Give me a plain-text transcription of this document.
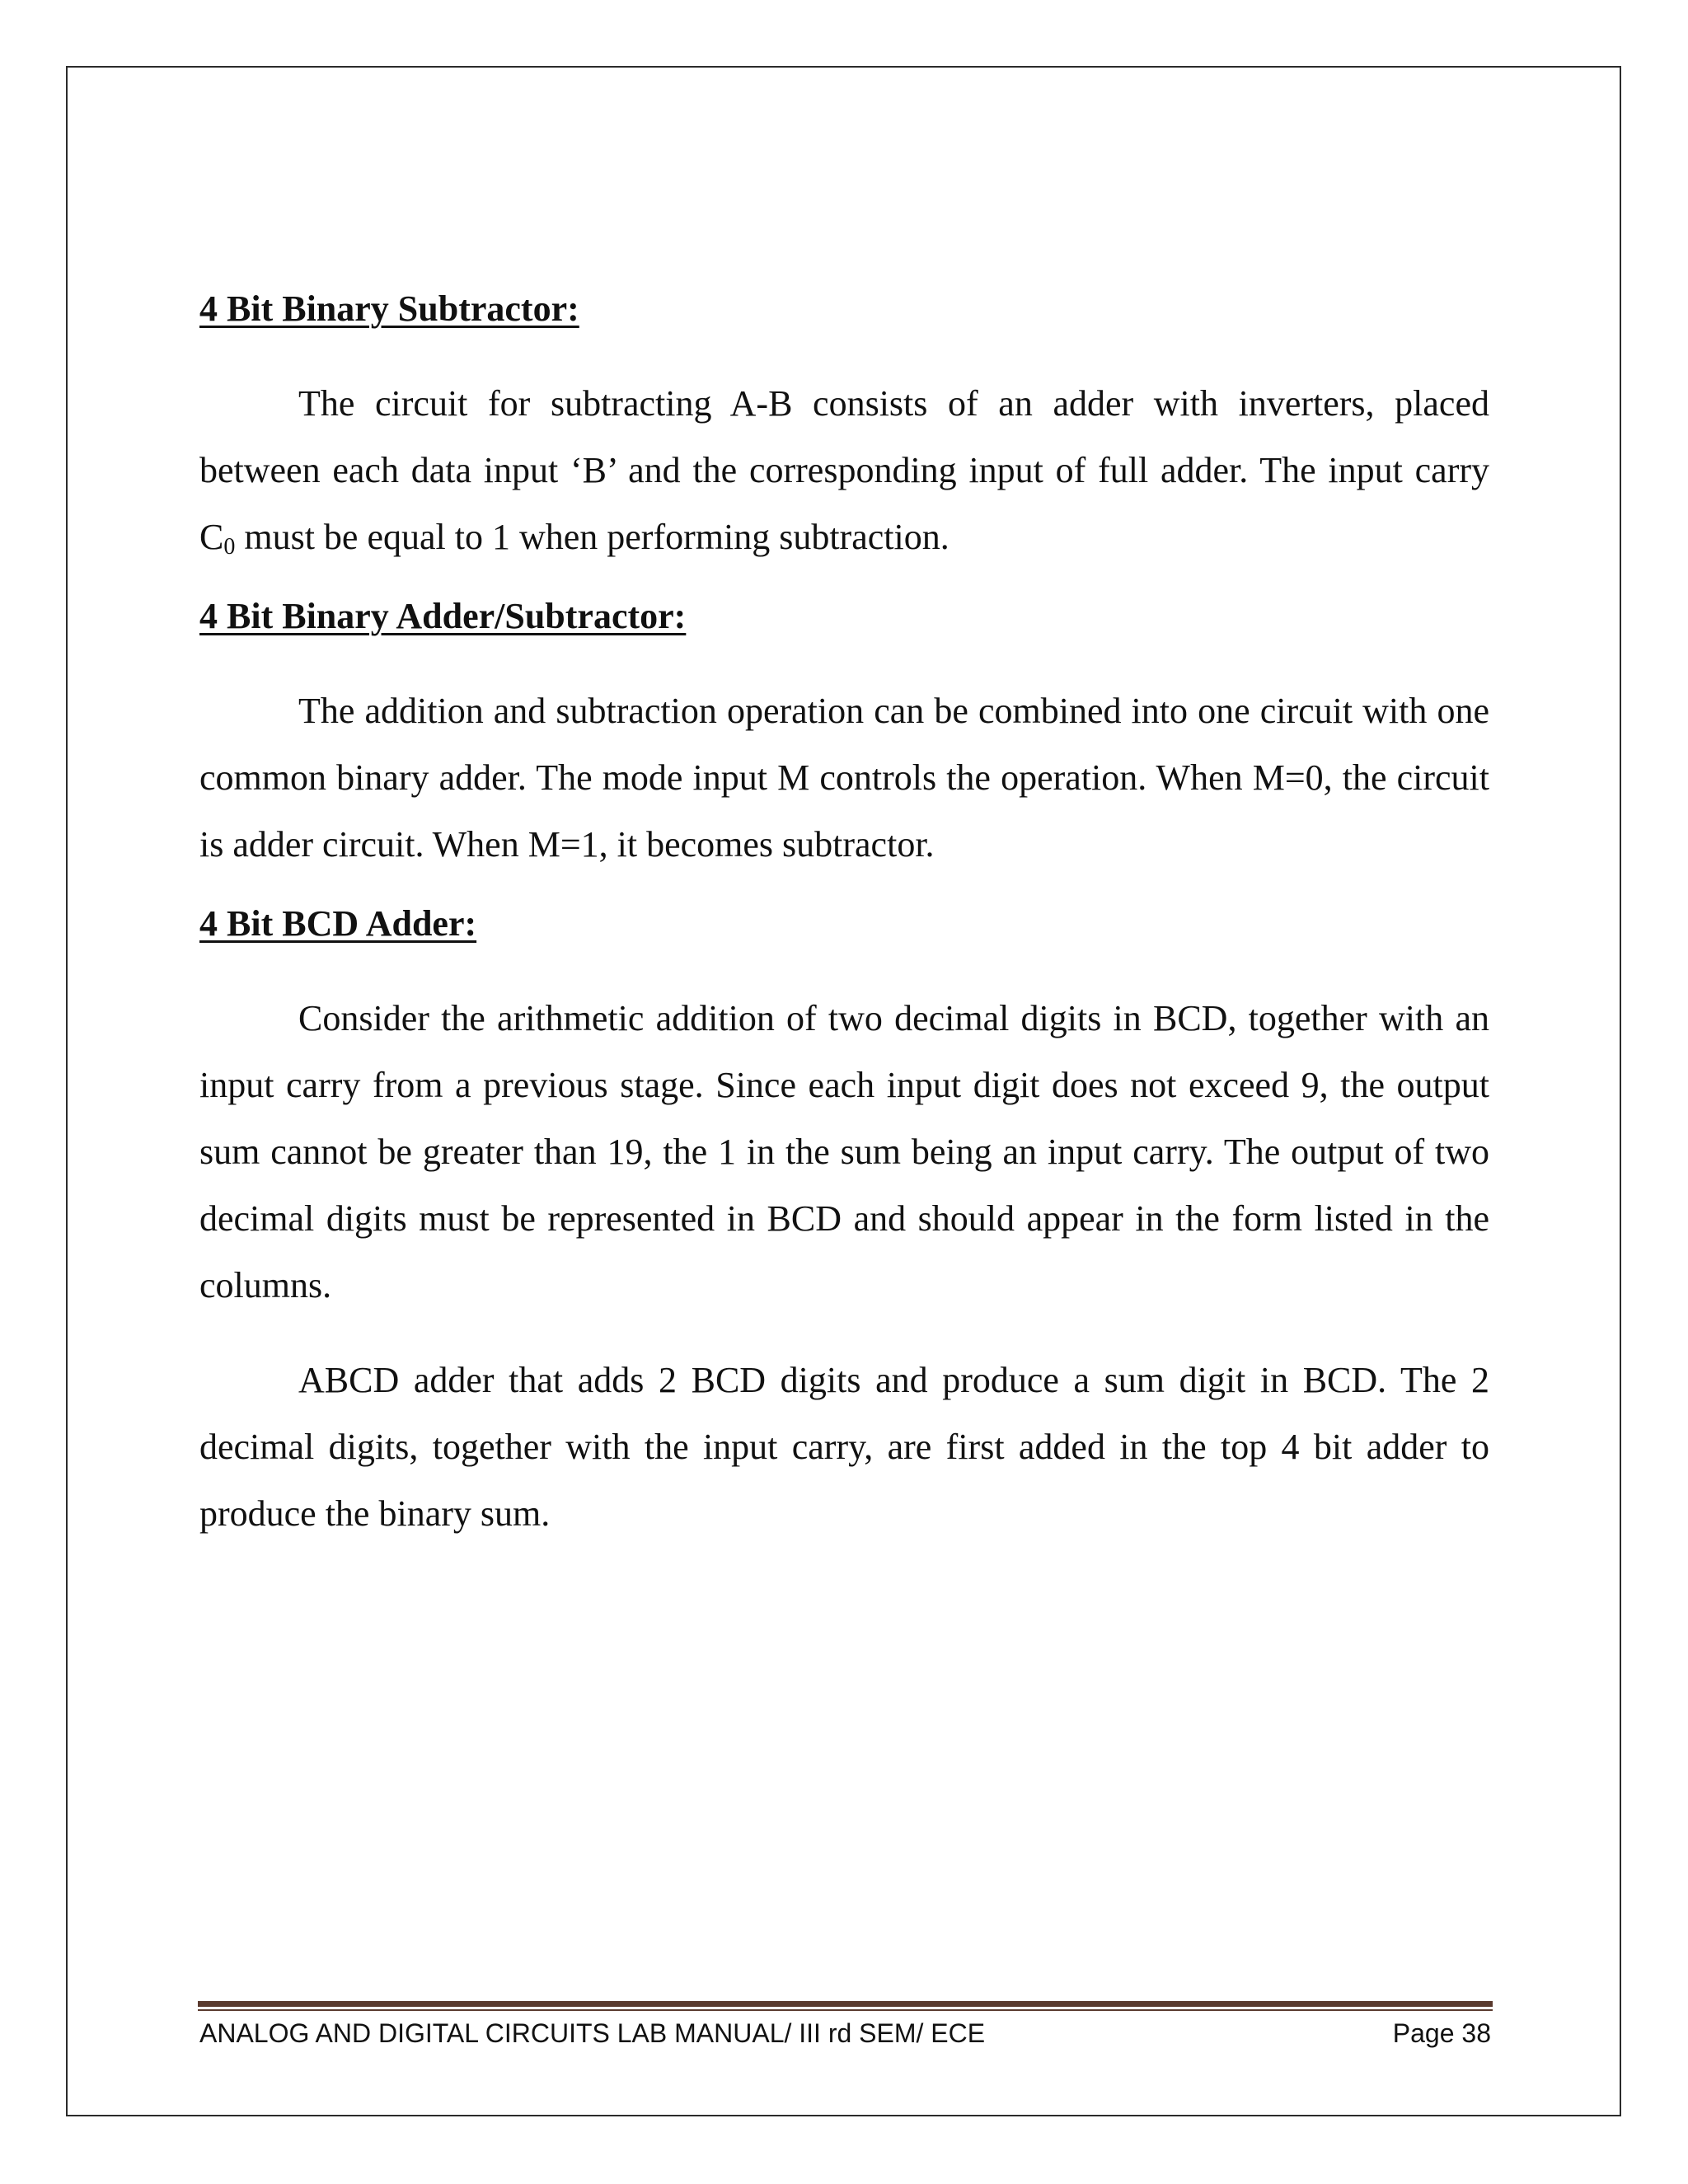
4 Bit Binary Subtractor:

The circuit for subtracting A-B consists of an adder with inverters, placed between each data input ‘B’ and the corresponding input of full adder. The input carry $C_0$ must be equal to 1 when performing subtraction.

4 Bit Binary Adder/Subtractor:

The addition and subtraction operation can be combined into one circuit with one common binary adder. The mode input M controls the operation. When M=0, the circuit is adder circuit. When M=1, it becomes subtractor.

4 Bit BCD Adder:

Consider the arithmetic addition of two decimal digits in BCD, together with an input carry from a previous stage. Since each input digit does not exceed 9, the output sum cannot be greater than 19, the 1 in the sum being an input carry. The output of two decimal digits must be represented in BCD and should appear in the form listed in the columns.

ABCD adder that adds 2 BCD digits and produce a sum digit in BCD. The 2 decimal digits, together with the input carry, are first added in the top 4 bit adder to produce the binary sum.

ANALOG AND DIGITAL CIRCUITS LAB MANUAL/ III rd SEM/ ECE	Page 38
